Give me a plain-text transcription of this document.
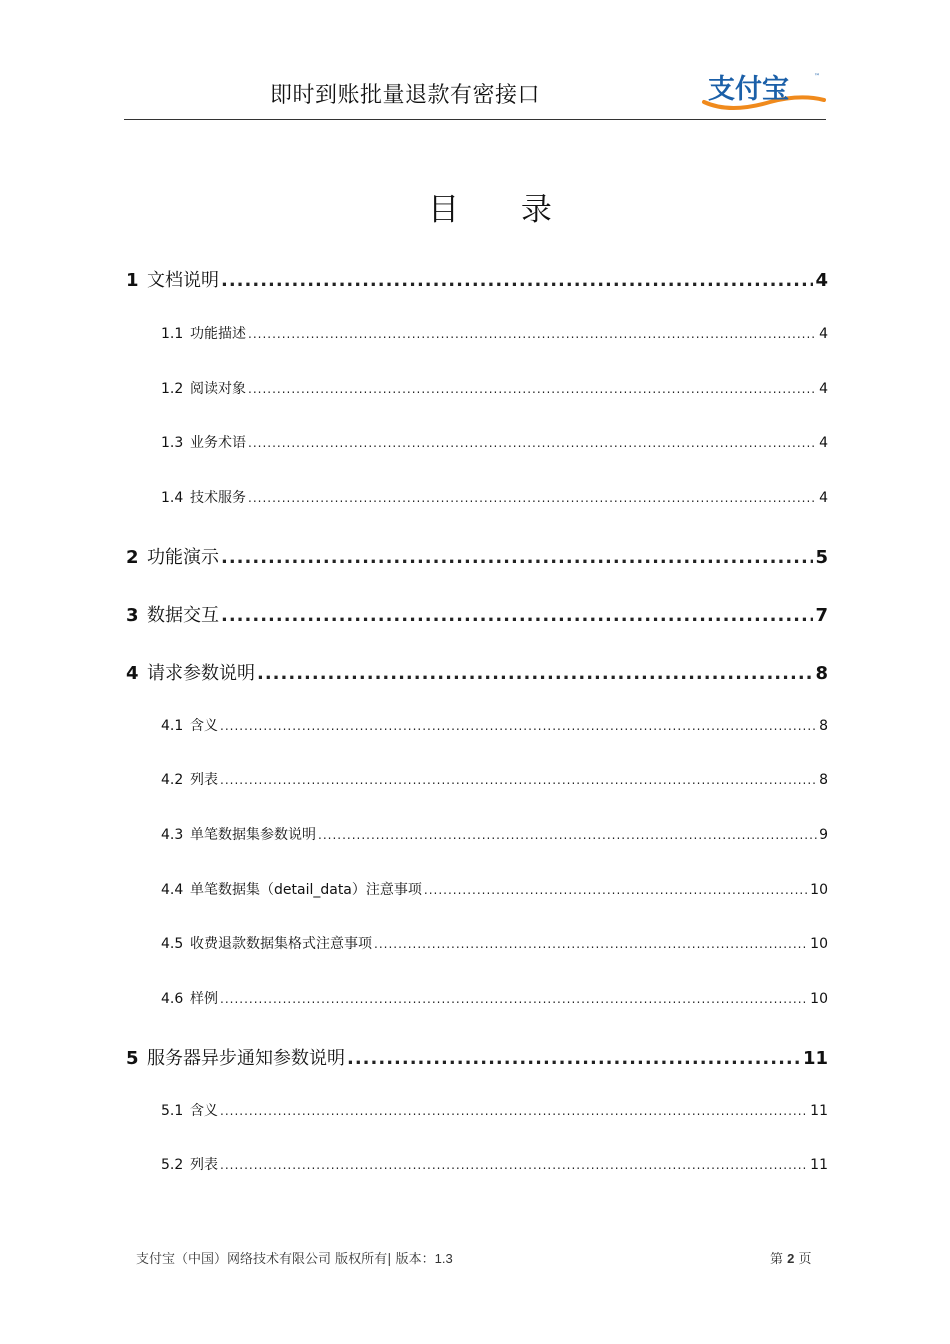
即时到账批量退款有密接口	支付宝	™
目 录
1 文档说明 .....	4
1.1 功能描述 .....	4
1.2 阅读对象 .....	4
1.3 业务术语 .....	4
1.4 技术服务 .....	4
2 功能演示 .....	5
3 数据交互 .....	7
4 请求参数说明 .....	8
4.1 含义 .....	8
4.2 列表 .....	8
4.3 单笔数据集参数说明 .....	9
4.4 单笔数据集（detail_data）注意事项 .....	10
4.5 收费退款数据集格式注意事项 .....	10
4.6 样例 .....	10
5 服务器异步通知参数说明 .....	11
5.1 含义 .....	11
5.2 列表 .....	11
支付宝（中国）网络技术有限公司 版权所有| 版本：1.3	第 2 页
